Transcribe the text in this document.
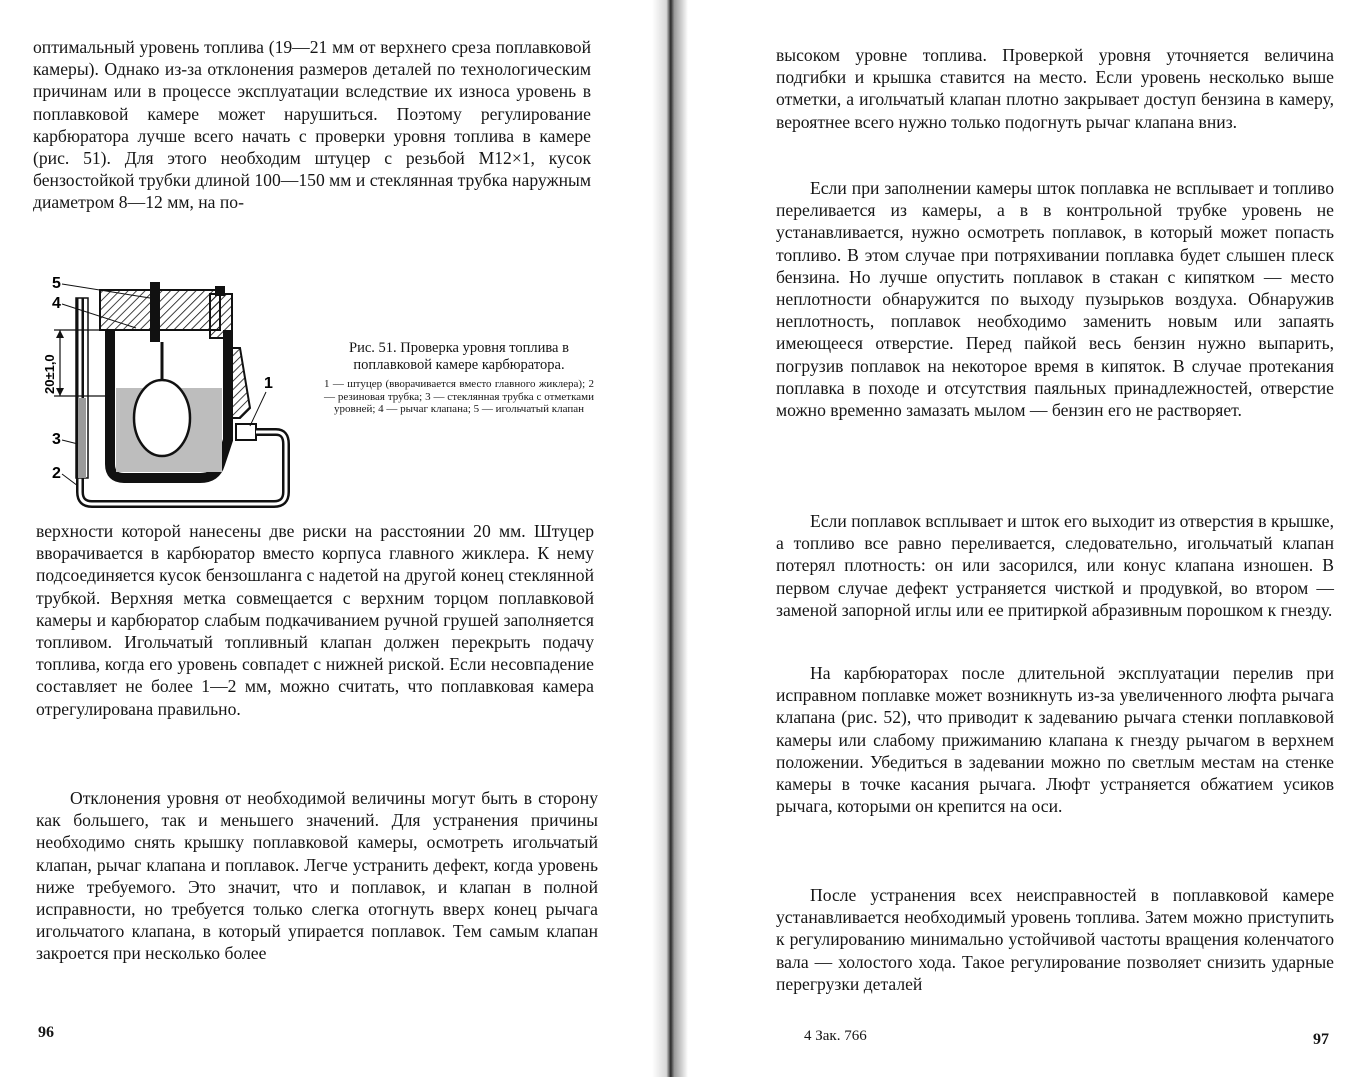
оптимальный уровень топлива (19—21 мм от верхнего среза поплавковой камеры). Однако из-за отклонения размеров деталей по технологическим причинам или в процессе эксплуатации вследствие их износа уровень в поплавковой камере может нарушиться. Поэтому регулирование карбюратора лучше всего начать с проверки уровня топлива в камере (рис. 51). Для этого необходим штуцер с резьбой M12×1, кусок бензостойкой трубки длиной 100—150 мм и стеклянная трубка наружным диаметром 8—12 мм, на по-

20±1,0
5
4
3
2
1

Рис. 51. Проверка уровня топлива в поплавковой камере карбюратора.

1 — штуцер (вворачивается вместо главного жиклера); 2 — резиновая трубка; 3 — стеклянная трубка с отметками уровней; 4 — рычаг клапана; 5 — игольчатый клапан

верхности которой нанесены две риски на расстоянии 20 мм. Штуцер вворачивается в карбюратор вместо корпуса главного жиклера. К нему подсоединяется кусок бензошланга с надетой на другой конец стеклянной трубкой. Верхняя метка совмещается с верхним торцом поплавковой камеры и карбюратор слабым подкачиванием ручной грушей заполняется топливом. Игольчатый топливный клапан должен перекрыть подачу топлива, когда его уровень совпадет с нижней риской. Если несовпадение составляет не более 1—2 мм, можно считать, что поплавковая камера отрегулирована правильно.

Отклонения уровня от необходимой величины могут быть в сторону как большего, так и меньшего значений. Для устранения причины необходимо снять крышку поплавковой камеры, осмотреть игольчатый клапан, рычаг клапана и поплавок. Легче устранить дефект, когда уровень ниже требуемого. Это значит, что и поплавок, и клапан в полной исправности, но требуется только слегка отогнуть вверх конец рычага игольчатого клапана, в который упирается поплавок. Тем самым клапан закроется при несколько более

96

высоком уровне топлива. Проверкой уровня уточняется величина подгибки и крышка ставится на место. Если уровень несколько выше отметки, а игольчатый клапан плотно закрывает доступ бензина в камеру, вероятнее всего нужно только подогнуть рычаг клапана вниз.

Если при заполнении камеры шток поплавка не всплывает и топливо переливается из камеры, а в в контрольной трубке уровень не устанавливается, нужно осмотреть поплавок, в который может попасть топливо. В этом случае при потряхивании поплавка будет слышен плеск бензина. Но лучше опустить поплавок в стакан с кипятком — место неплотности обнаружится по выходу пузырьков воздуха. Обнаружив неплотность, поплавок необходимо заменить новым или запаять имеющееся отверстие. Перед пайкой весь бензин нужно выпарить, погрузив поплавок на некоторое время в кипяток. В случае протекания поплавка в походе и отсутствия паяльных принадлежностей, отверстие можно временно замазать мылом — бензин его не растворяет.

Если поплавок всплывает и шток его выходит из отверстия в крышке, а топливо все равно переливается, следовательно, игольчатый клапан потерял плотность: он или засорился, или конус клапана изношен. В первом случае дефект устраняется чисткой и продувкой, во втором — заменой запорной иглы или ее притиркой абразивным порошком к гнезду.

На карбюраторах после длительной эксплуатации перелив при исправном поплавке может возникнуть из-за увеличенного люфта рычага клапана (рис. 52), что приводит к задеванию рычага стенки поплавковой камеры или слабому прижиманию клапана к гнезду рычагом в верхнем положении. Убедиться в задевании можно по светлым местам на стенке камеры в точке касания рычага. Люфт устраняется обжатием усиков рычага, которыми он крепится на оси.

После устранения всех неисправностей в поплавковой камере устанавливается необходимый уровень топлива. Затем можно приступить к регулированию минимально устойчивой частоты вращения коленчатого вала — холостого хода. Такое регулирование позволяет снизить ударные перегрузки деталей

4 Зак. 766	97
